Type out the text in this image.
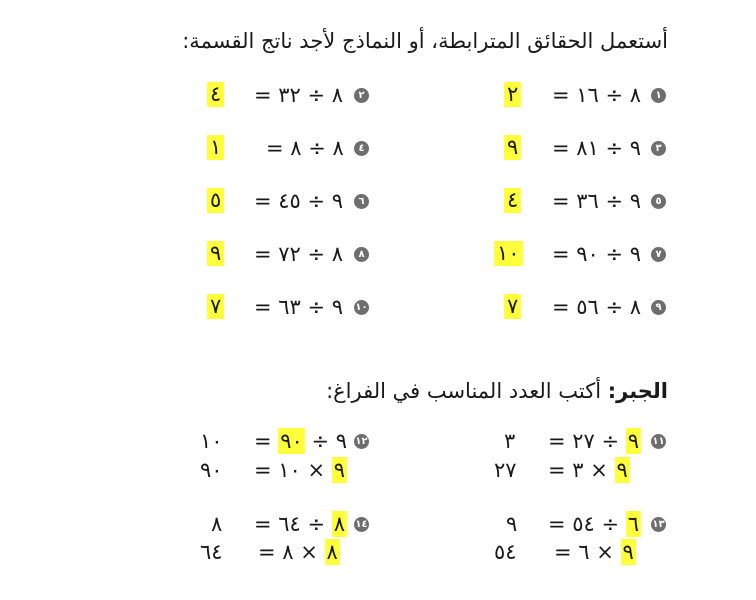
أستعمل الحقائق المترابطة، أو النماذج لأجد ناتج القسمة:
١
= ٨ ÷ ١٦
٢
٣
= ٩ ÷ ٨١
٩
٥
= ٩ ÷ ٣٦
٤
٧
= ٩ ÷ ٩٠
١٠
٩
= ٨ ÷ ٥٦
٧
٢
= ٨ ÷ ٣٢
٤
٤
= ٨ ÷ ٨
١
٦
= ٩ ÷ ٤٥
٥
٨
= ٨ ÷ ٧٢
٩
١٠
= ٩ ÷ ٦٣
٧
الجبر: أكتب العدد المناسب في الفراغ:
١١
=	٩ ÷ ٢٧
٣
= ٩ × ٣
٢٧
١٢
= ٩ ÷ ٩٠
١٠
=	٩ × ١٠
٩٠
١٣
=	٦ ÷ ٥٤
٩
= ٩ × ٦
٥٤
١٤
=	٨ ÷ ٦٤
٨
= ٨ × ٨
٦٤
